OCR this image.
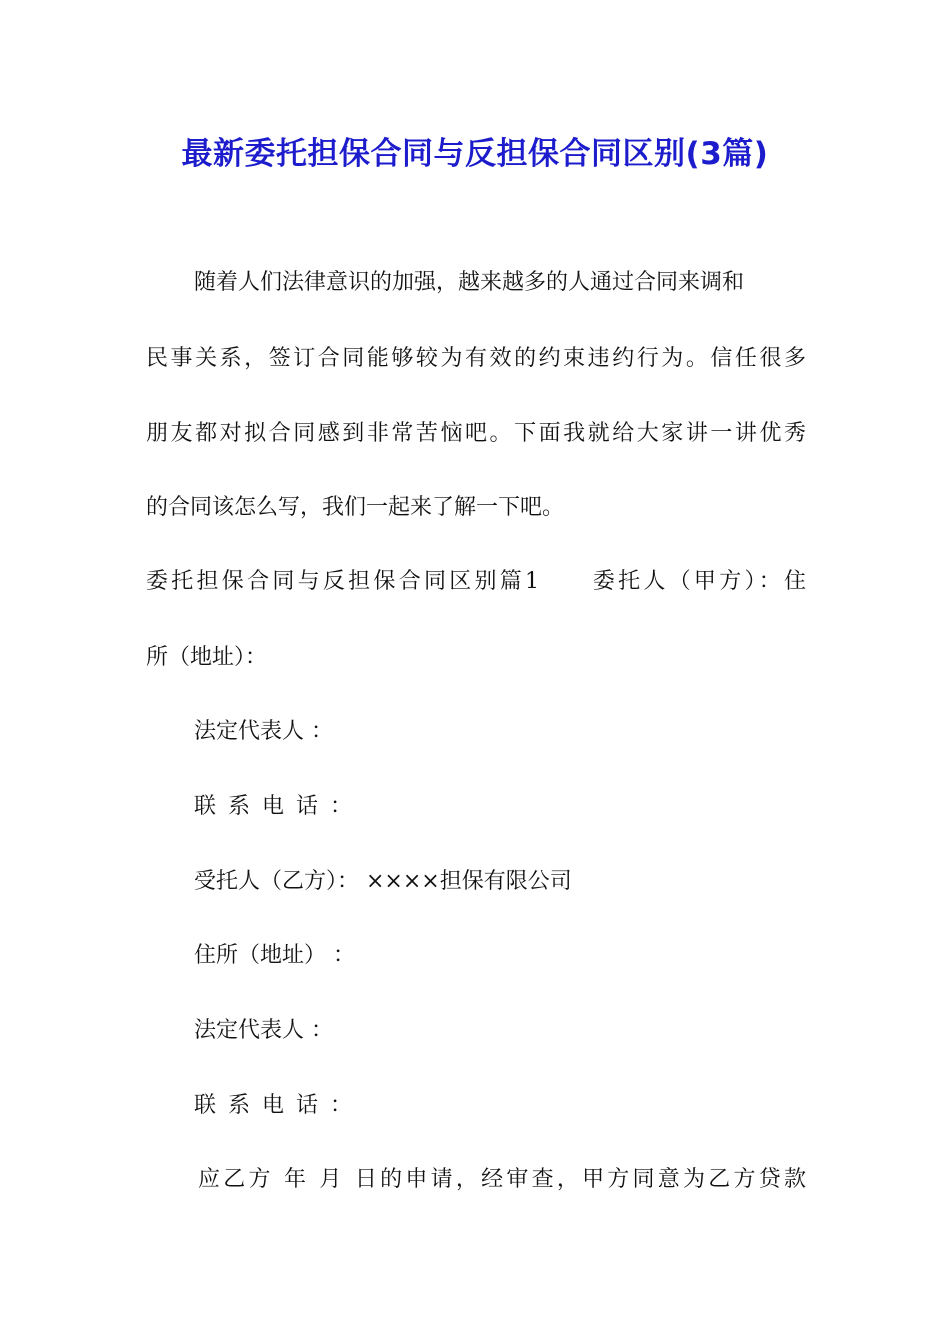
最新委托担保合同与反担保合同区别(3篇)
随着人们法律意识的加强，越来越多的人通过合同来调和
民事关系，签订合同能够较为有效的约束违约行为。信任很多
朋友都对拟合同感到非常苦恼吧。下面我就给大家讲一讲优秀
的合同该怎么写，我们一起来了解一下吧。
委托担保合同与反担保合同区别篇1　　委托人（甲方）：住
所（地址）：
法定代表人 ：
联系电话：
受托人（乙方）： ××××担保有限公司
住所（地址） ：
法定代表人 ：
联系电话：
应乙方 年 月 日的申请，经审查，甲方同意为乙方贷款
